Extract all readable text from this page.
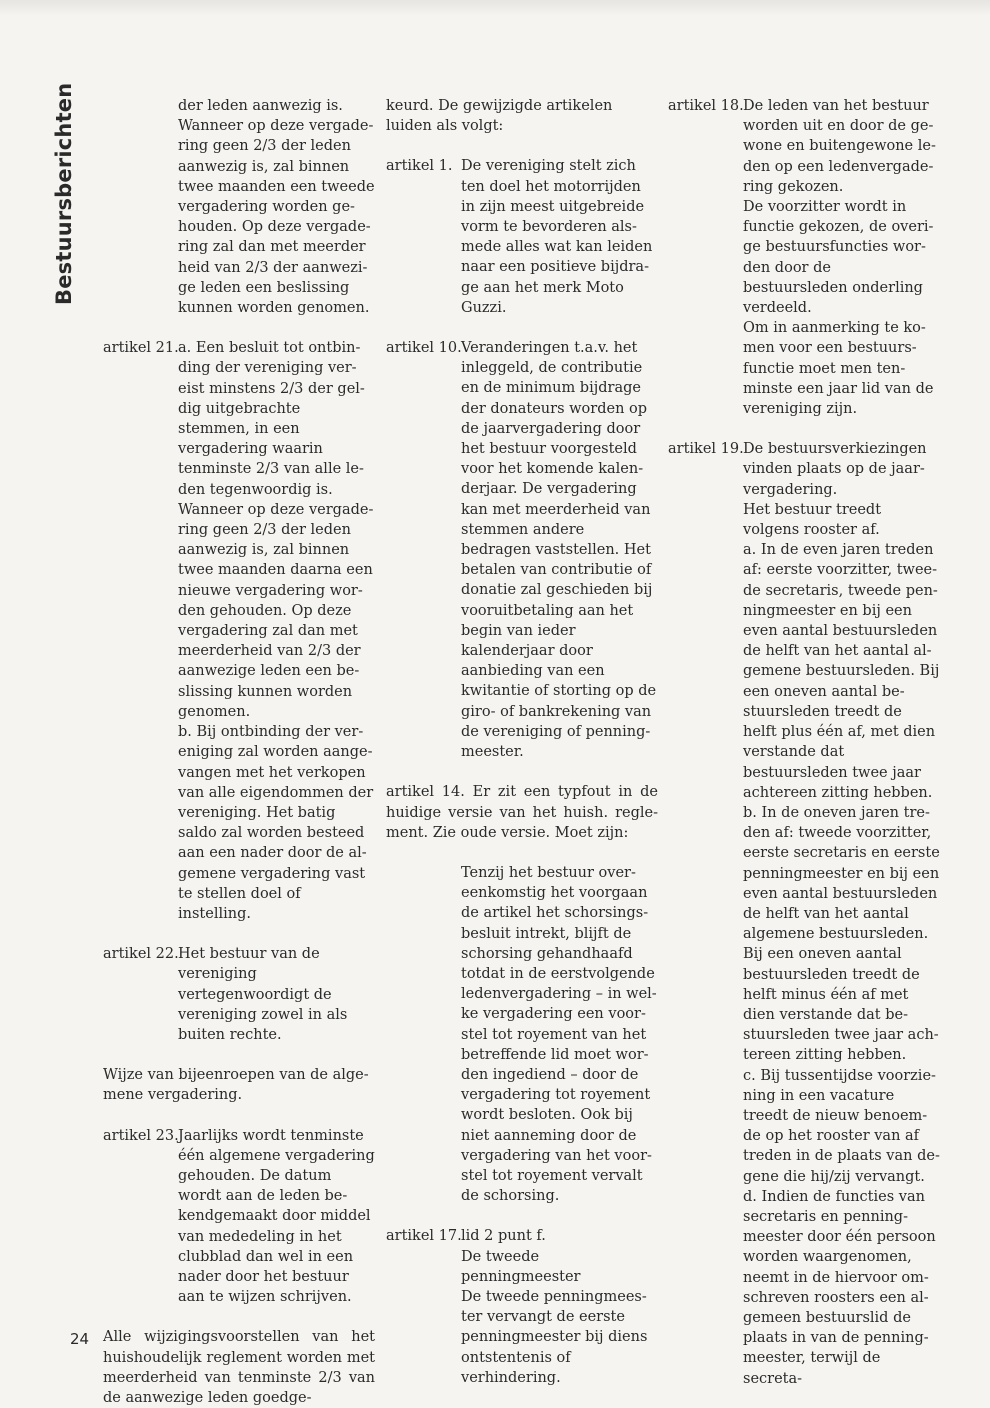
Bestuursberichten
24

der leden aanwezig is. Wanneer op deze vergadering geen 2/3 der leden aanwezig is, zal binnen twee maanden een tweede vergadering worden gehouden. Op deze vergadering zal dan met meerder heid van 2/3 der aanwezige leden een beslissing kunnen worden genomen.

artikel 21. a. Een besluit tot ontbinding der vereniging vereist minstens 2/3 der geldig uitgebrachte stemmen, in een vergadering waarin tenminste 2/3 van alle leden tegenwoordig is. Wanneer op deze vergadering geen 2/3 der leden aanwezig is, zal binnen twee maanden daarna een nieuwe vergadering worden gehouden. Op deze vergadering zal dan met meerderheid van 2/3 der aanwezige leden een beslissing kunnen worden genomen.

b. Bij ontbinding der vereniging zal worden aangevangen met het verkopen van alle eigendommen der vereniging. Het batig saldo zal worden besteed aan een nader door de algemene vergadering vast te stellen doel of instelling.

artikel 22. Het bestuur van de vereniging vertegenwoordigt de vereniging zowel in als buiten rechte.

Wijze van bijeenroepen van de algemene vergadering.

artikel 23. Jaarlijks wordt tenminste één algemene vergadering gehouden. De datum wordt aan de leden bekendgemaakt door middel van mededeling in het clubblad dan wel in een nader door het bestuur aan te wijzen schrijven.

Alle wijzigingsvoorstellen van het huishoudelijk reglement worden met meerderheid van tenminste 2/3 van de aanwezige leden goedge-

keurd. De gewijzigde artikelen luiden als volgt:

artikel 1. De vereniging stelt zich ten doel het motorrijden in zijn meest uitgebreide vorm te bevorderen alsmede alles wat kan leiden naar een positieve bijdrage aan het merk Moto Guzzi.

artikel 10. Veranderingen t.a.v. het inleggeld, de contributie en de minimum bijdrage der donateurs worden op de jaarvergadering door het bestuur voorgesteld voor het komende kalenderjaar. De vergadering kan met meerderheid van stemmen andere bedragen vaststellen. Het betalen van contributie of donatie zal geschieden bij vooruitbetaling aan het begin van ieder kalenderjaar door aanbieding van een kwitantie of storting op de giro- of bankrekening van de vereniging of penningmeester.

artikel 14. Er zit een typfout in de huidige versie van het huish. reglement. Zie oude versie. Moet zijn:

Tenzij het bestuur overeenkomstig het voorgaan de artikel het schorsingsbesluit intrekt, blijft de schorsing gehandhaafd totdat in de eerstvolgende ledenvergadering – in welke vergadering een voorstel tot royement van het betreffende lid moet worden ingediend – door de vergadering tot royement wordt besloten. Ook bij niet aanneming door de vergadering van het voorstel tot royement vervalt de schorsing.

artikel 17. lid 2 punt f.

De tweede penningmeester

De tweede penningmeester vervangt de eerste penningmeester bij diens ontstentenis of verhindering.

artikel 18. De leden van het bestuur worden uit en door de gewone en buitengewone leden op een ledenvergadering gekozen.

De voorzitter wordt in functie gekozen, de overige bestuursfuncties worden door de bestuursleden onderling verdeeld.

Om in aanmerking te komen voor een bestuursfunctie moet men tenminste een jaar lid van de vereniging zijn.

artikel 19. De bestuursverkiezingen vinden plaats op de jaarvergadering.

Het bestuur treedt volgens rooster af.

a. In de even jaren treden af: eerste voorzitter, tweede secretaris, tweede penningmeester en bij een even aantal bestuursleden de helft van het aantal algemene bestuursleden. Bij een oneven aantal bestuursleden treedt de helft plus één af, met dien verstande dat bestuursleden twee jaar achtereen zitting hebben.

b. In de oneven jaren treden af: tweede voorzitter, eerste secretaris en eerste penningmeester en bij een even aantal bestuursleden de helft van het aantal algemene bestuursleden. Bij een oneven aantal bestuursleden treedt de helft minus één af met dien verstande dat bestuursleden twee jaar achtereen zitting hebben.

c. Bij tussentijdse voorziening in een vacature treedt de nieuw benoemde op het rooster van af treden in de plaats van degene die hij/zij vervangt.

d. Indien de functies van secretaris en penningmeester door één persoon worden waargenomen, neemt in de hiervoor omschreven roosters een algemeen bestuurslid de plaats in van de penningmeester, terwijl de secreta-
